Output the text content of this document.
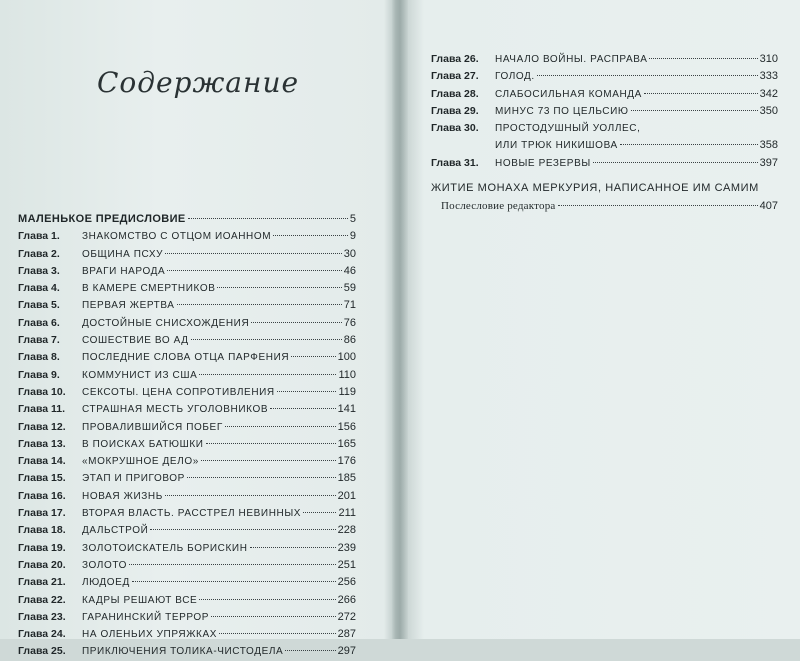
Содержание
МАЛЕНЬКОЕ ПРЕДИСЛОВИЕ	5
Глава 1.	ЗНАКОМСТВО С ОТЦОМ ИОАННОМ	9
Глава 2.	ОБЩИНА ПСХУ	30
Глава 3.	ВРАГИ НАРОДА	46
Глава 4.	В КАМЕРЕ СМЕРТНИКОВ	59
Глава 5.	ПЕРВАЯ ЖЕРТВА	71
Глава 6.	ДОСТОЙНЫЕ СНИСХОЖДЕНИЯ	76
Глава 7.	СОШЕСТВИЕ ВО АД	86
Глава 8.	ПОСЛЕДНИЕ СЛОВА ОТЦА ПАРФЕНИЯ	100
Глава 9.	КОММУНИСТ ИЗ США	110
Глава 10.	СЕКСОТЫ. ЦЕНА СОПРОТИВЛЕНИЯ	119
Глава 11.	СТРАШНАЯ МЕСТЬ УГОЛОВНИКОВ	141
Глава 12.	ПРОВАЛИВШИЙСЯ ПОБЕГ	156
Глава 13.	В ПОИСКАХ БАТЮШКИ	165
Глава 14.	«МОКРУШНОЕ ДЕЛО»	176
Глава 15.	ЭТАП И ПРИГОВОР	185
Глава 16.	НОВАЯ ЖИЗНЬ	201
Глава 17.	ВТОРАЯ ВЛАСТЬ. РАССТРЕЛ НЕВИННЫХ	211
Глава 18.	ДАЛЬСТРОЙ	228
Глава 19.	ЗОЛОТОИСКАТЕЛЬ БОРИСКИН	239
Глава 20.	ЗОЛОТО	251
Глава 21.	ЛЮДОЕД	256
Глава 22.	КАДРЫ РЕШАЮТ ВСЕ	266
Глава 23.	ГАРАНИНСКИЙ ТЕРРОР	272
Глава 24.	НА ОЛЕНЬИХ УПРЯЖКАХ	287
Глава 25.	ПРИКЛЮЧЕНИЯ ТОЛИКА-ЧИСТОДЕЛА	297
Глава 26.	НАЧАЛО ВОЙНЫ. РАСПРАВА	310
Глава 27.	ГОЛОД.	333
Глава 28.	СЛАБОСИЛЬНАЯ КОМАНДА	342
Глава 29.	МИНУС 73 ПО ЦЕЛЬСИЮ	350
Глава 30.	ПРОСТОДУШНЫЙ УОЛЛЕС,
ИЛИ ТРЮК НИКИШОВА	358
Глава 31.	НОВЫЕ РЕЗЕРВЫ	397
ЖИТИЕ МОНАХА МЕРКУРИЯ, НАПИСАННОЕ ИМ САМИМ
Послесловие редактора	407
